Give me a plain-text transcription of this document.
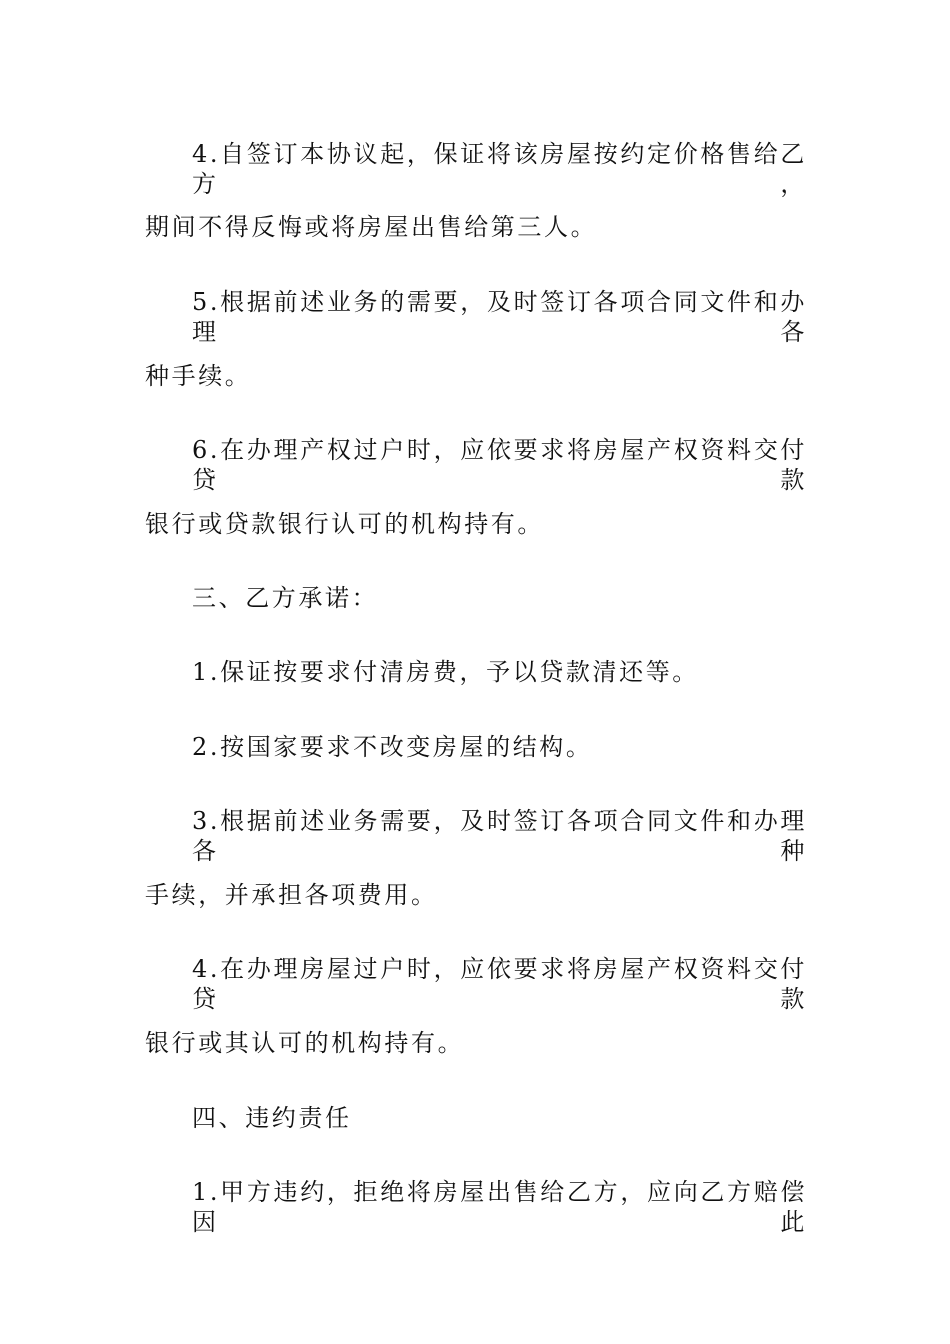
4.自签订本协议起，保证将该房屋按约定价格售给乙方，
期间不得反悔或将房屋出售给第三人。
5.根据前述业务的需要，及时签订各项合同文件和办理各
种手续。
6.在办理产权过户时，应依要求将房屋产权资料交付贷款
银行或贷款银行认可的机构持有。
三、乙方承诺：
1.保证按要求付清房费，予以贷款清还等。
2.按国家要求不改变房屋的结构。
3.根据前述业务需要，及时签订各项合同文件和办理各种
手续，并承担各项费用。
4.在办理房屋过户时，应依要求将房屋产权资料交付贷款
银行或其认可的机构持有。
四、违约责任
1.甲方违约，拒绝将房屋出售给乙方，应向乙方赔偿因此
